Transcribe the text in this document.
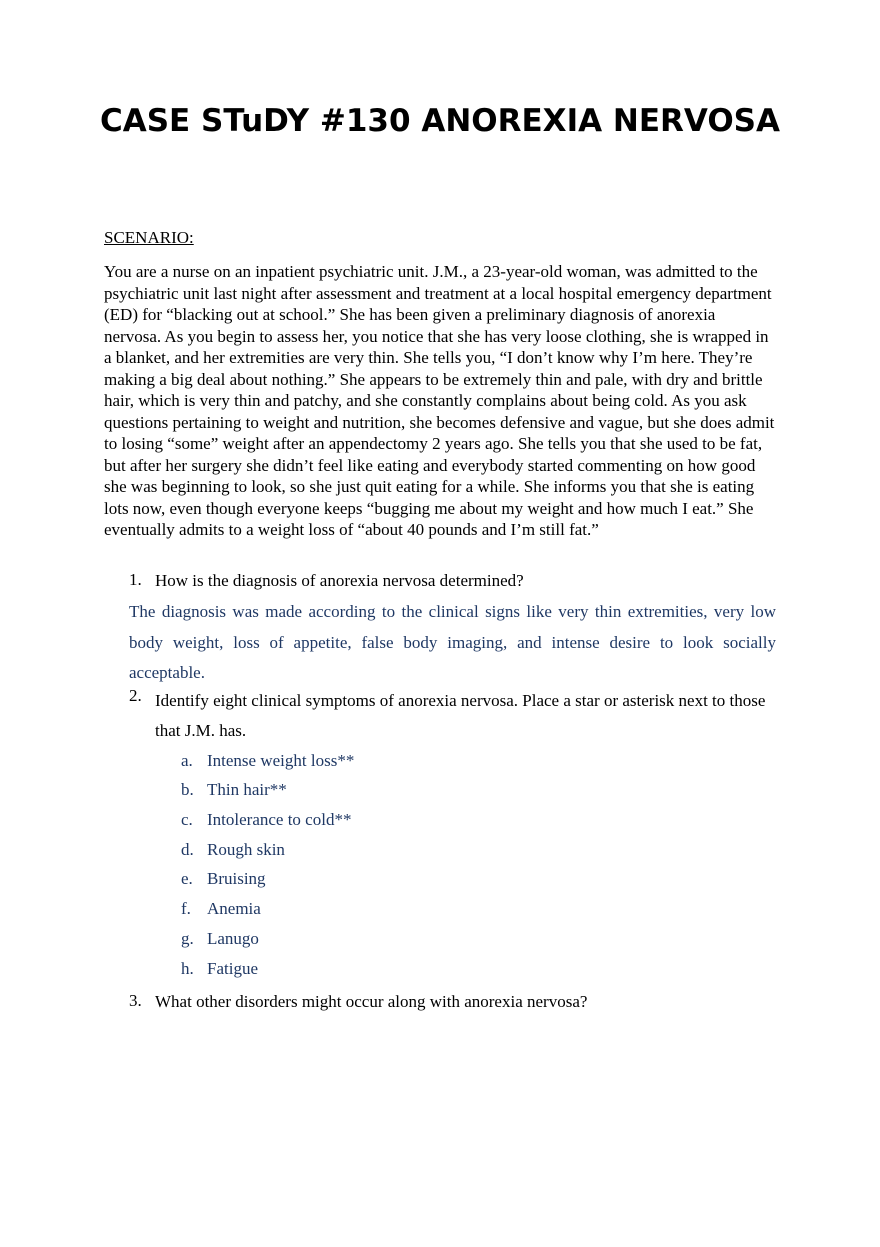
CASE STuDY #130 ANOREXIA NERVOSA
SCENARIO:
You are a nurse on an inpatient psychiatric unit. J.M., a 23-year-old woman, was admitted to the psychiatric unit last night after assessment and treatment at a local hospital emergency department (ED) for “blacking out at school.” She has been given a preliminary diagnosis of anorexia nervosa. As you begin to assess her, you notice that she has very loose clothing, she is wrapped in a blanket, and her extremities are very thin. She tells you, “I don’t know why I’m here. They’re making a big deal about nothing.” She appears to be extremely thin and pale, with dry and brittle hair, which is very thin and patchy, and she constantly complains about being cold. As you ask questions pertaining to weight and nutrition, she becomes defensive and vague, but she does admit to losing “some” weight after an appendectomy 2 years ago. She tells you that she used to be fat, but after her surgery she didn’t feel like eating and everybody started commenting on how good she was beginning to look, so she just quit eating for a while. She informs you that she is eating lots now, even though everyone keeps “bugging me about my weight and how much I eat.” She eventually admits to a weight loss of “about 40 pounds and I’m still fat.”
1. How is the diagnosis of anorexia nervosa determined?
The diagnosis was made according to the clinical signs like very thin extremities, very low body weight, loss of appetite, false body imaging, and intense desire to look socially acceptable.
2. Identify eight clinical symptoms of anorexia nervosa. Place a star or asterisk next to those that J.M. has.
a. Intense weight loss**
b. Thin hair**
c. Intolerance to cold**
d. Rough skin
e. Bruising
f. Anemia
g. Lanugo
h. Fatigue
3. What other disorders might occur along with anorexia nervosa?
